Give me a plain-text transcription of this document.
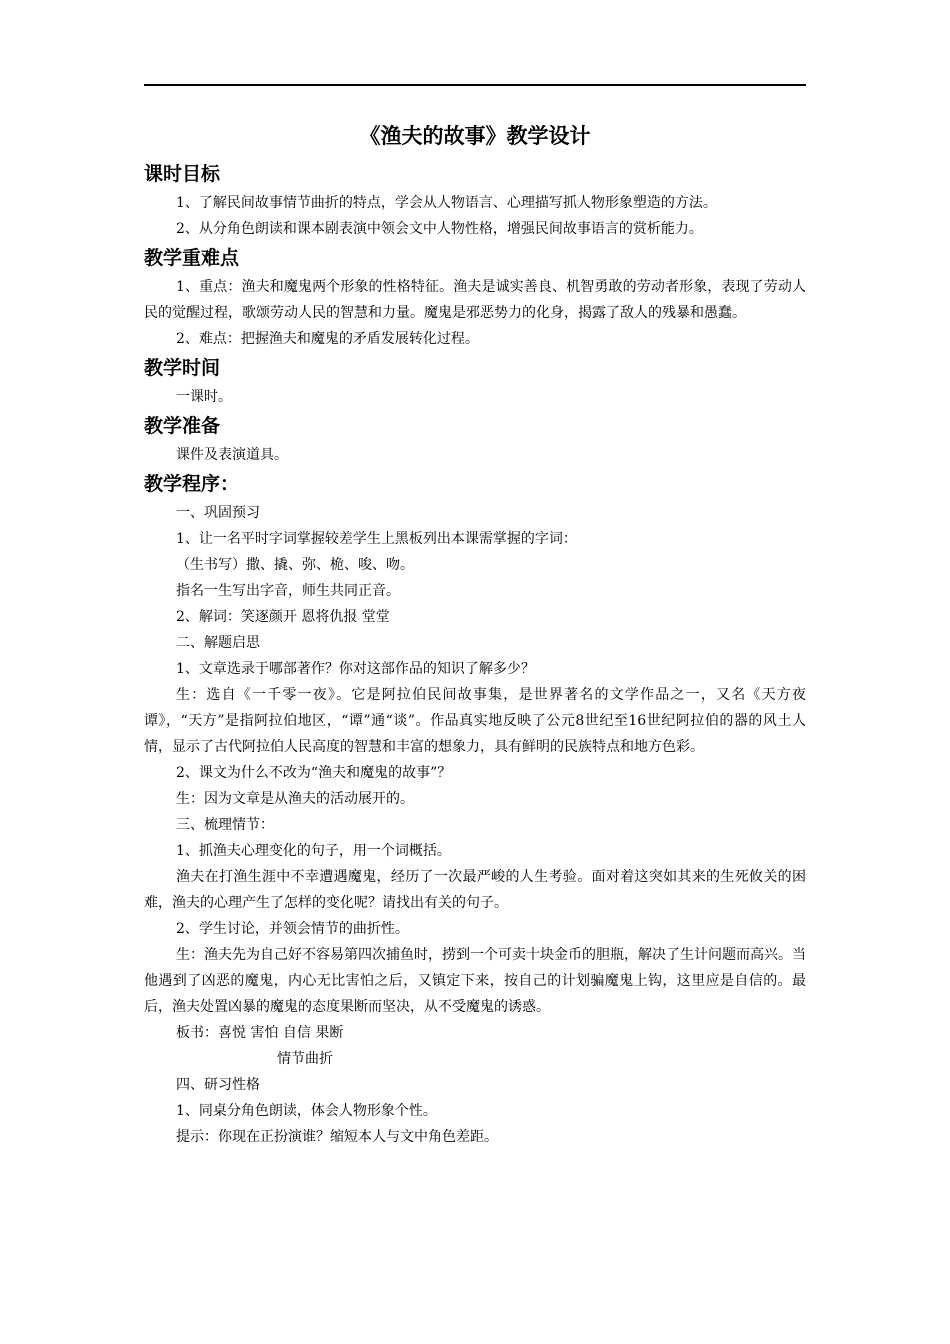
《渔夫的故事》教学设计
课时目标

1、了解民间故事情节曲折的特点，学会从人物语言、心理描写抓人物形象塑造的方法。

2、从分角色朗读和课本剧表演中领会文中人物性格，增强民间故事语言的赏析能力。

教学重难点

1、重点：渔夫和魔鬼两个形象的性格特征。渔夫是诚实善良、机智勇敢的劳动者形象，表现了劳动人民的觉醒过程，歌颂劳动人民的智慧和力量。魔鬼是邪恶势力的化身，揭露了敌人的残暴和愚蠢。

2、难点：把握渔夫和魔鬼的矛盾发展转化过程。

教学时间

一课时。

教学准备

课件及表演道具。

教学程序：

一、巩固预习

1、让一名平时字词掌握较差学生上黑板列出本课需掌握的字词：

（生书写）撒、撬、弥、桅、唆、吻。

指名一生写出字音，师生共同正音。

2、解词：笑逐颜开 恩将仇报 堂堂

二、解题启思

1、文章选录于哪部著作？你对这部作品的知识了解多少？

生：选自《一千零一夜》。它是阿拉伯民间故事集，是世界著名的文学作品之一，又名《天方夜谭》，“天方”是指阿拉伯地区，“谭”通“谈”。作品真实地反映了公元8世纪至16世纪阿拉伯的器的风土人情，显示了古代阿拉伯人民高度的智慧和丰富的想象力，具有鲜明的民族特点和地方色彩。

2、课文为什么不改为“渔夫和魔鬼的故事”？

生：因为文章是从渔夫的活动展开的。

三、梳理情节：

1、抓渔夫心理变化的句子，用一个词概括。

渔夫在打渔生涯中不幸遭遇魔鬼，经历了一次最严峻的人生考验。面对着这突如其来的生死攸关的困难，渔夫的心理产生了怎样的变化呢？请找出有关的句子。

2、学生讨论，并领会情节的曲折性。

生：渔夫先为自己好不容易第四次捕鱼时，捞到一个可卖十块金币的胆瓶，解决了生计问题而高兴。当他遇到了凶恶的魔鬼，内心无比害怕之后，又镇定下来，按自己的计划骗魔鬼上钩，这里应是自信的。最后，渔夫处置凶暴的魔鬼的态度果断而坚决，从不受魔鬼的诱惑。

板书：喜悦 害怕 自信 果断

情节曲折

四、研习性格

1、同桌分角色朗读，体会人物形象个性。

提示：你现在正扮演谁？缩短本人与文中角色差距。
